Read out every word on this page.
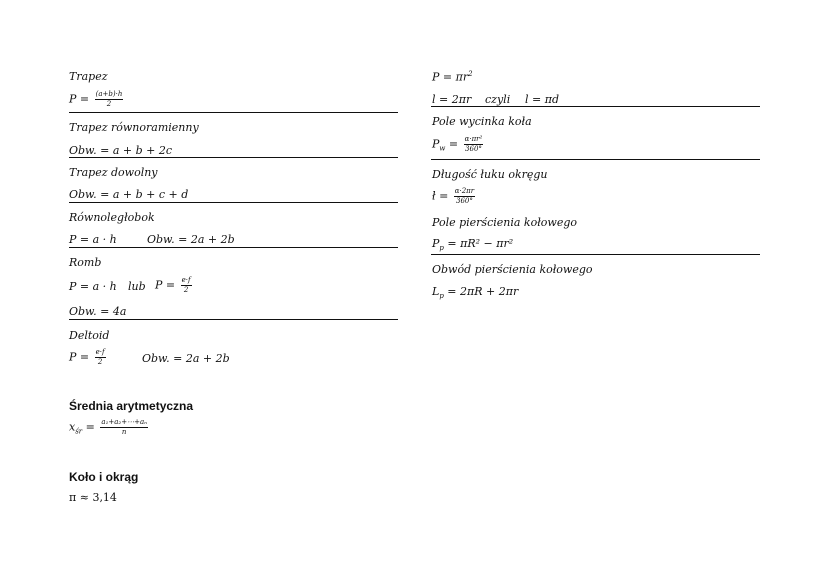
Trapez
$P = \frac{(a+b)\cdot h}{2}$
Trapez równoramienny
Obw. = a + b + 2c
Trapez dowolny
Obw. = a + b + c + d
Równoległobok
P = a · h	Obw. = 2a + 2b
Romb
P = a · h lub $P = \frac{e\cdot f}{2}$
Obw. = 4a
Deltoid
$P = \frac{e\cdot f}{2}$	Obw. = 2a + 2b
Średnia arytmetyczna
$x_{śr} = \frac{\text{a₁+a₂+⋯+aₙ}}{n}$
Koło i okrąg
π ≈ 3,14
$P = \pi r^2$
l = 2πr czyli l = πd
Pole wycinka koła
$P_w = \frac{\text{α·πr²}}{360^\circ}$
Długość łuku okręgu
ł = $\frac{\alpha\cdot 2\pi r}{360^\circ}$
Pole pierścienia kołowego
$P_p = \pi R^2 - \pi r^2$
Obwód pierścienia kołowego
$L_p = 2\pi R + 2\pi r$
